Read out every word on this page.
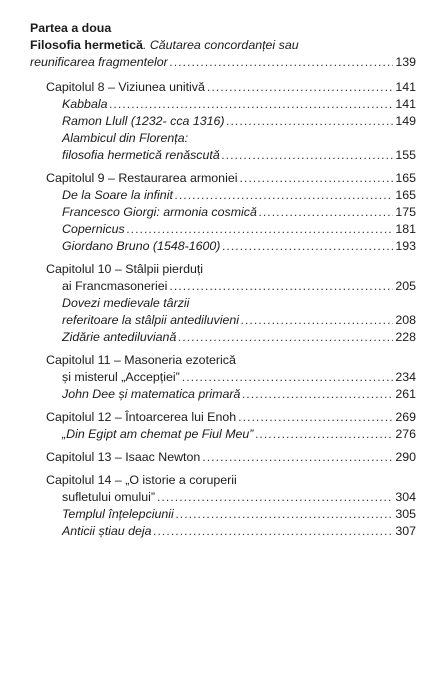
Partea a doua
Filosofia hermetică . Căutarea concordanței sau
reunificarea fragmentelor .....	139
Capitolul 8 – Viziunea unitivă .....	141
Kabbala .....	141
Ramon Llull (1232- cca 1316) .....	149
Alambicul din Florența:
filosofia hermetică renăscută .....	155
Capitolul 9 – Restaurarea armoniei .....	165
De la Soare la infinit .....	165
Francesco Giorgi: armonia cosmică .....	175
Copernicus .....	181
Giordano Bruno (1548-1600) .....	193
Capitolul 10 – Stâlpii pierduți
ai Francmasoneriei .....	205
Dovezi medievale târzii
referitoare la stâlpii antediluvieni .....	208
Zidărie antediluviană .....	228
Capitolul 11 – Masoneria ezoterică
și misterul „Accepției” .....	234
John Dee și matematica primară .....	261
Capitolul 12 – Întoarcerea lui Enoh .....	269
„Din Egipt am chemat pe Fiul Meu” .....	276
Capitolul 13 – Isaac Newton .....	290
Capitolul 14 – „O istorie a coruperii
sufletului omului” .....	304
Templul înțelepciunii .....	305
Anticii știau deja .....	307
